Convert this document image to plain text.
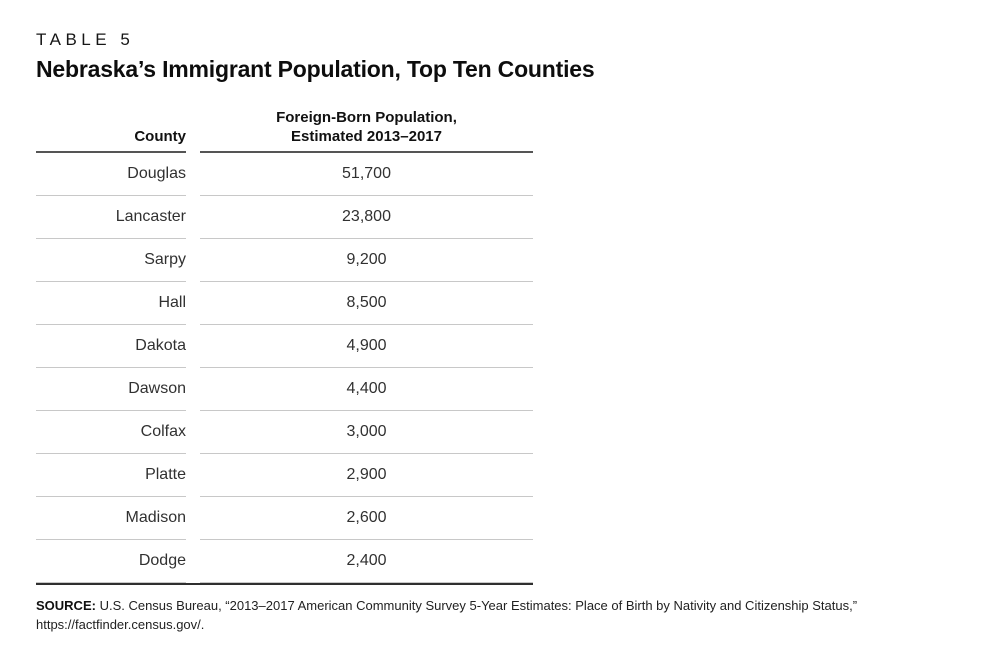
TABLE 5
Nebraska’s Immigrant Population, Top Ten Counties
County
Foreign-Born Population,
Estimated 2013–2017
Douglas	51,700
Lancaster	23,800
Sarpy	9,200
Hall	8,500
Dakota	4,900
Dawson	4,400
Colfax	3,000
Platte	2,900
Madison	2,600
Dodge	2,400
SOURCE: U.S. Census Bureau, “2013–2017 American Community Survey 5-Year Estimates: Place of Birth by Nativity and Citizenship Status,”
https://factfinder.census.gov/.
